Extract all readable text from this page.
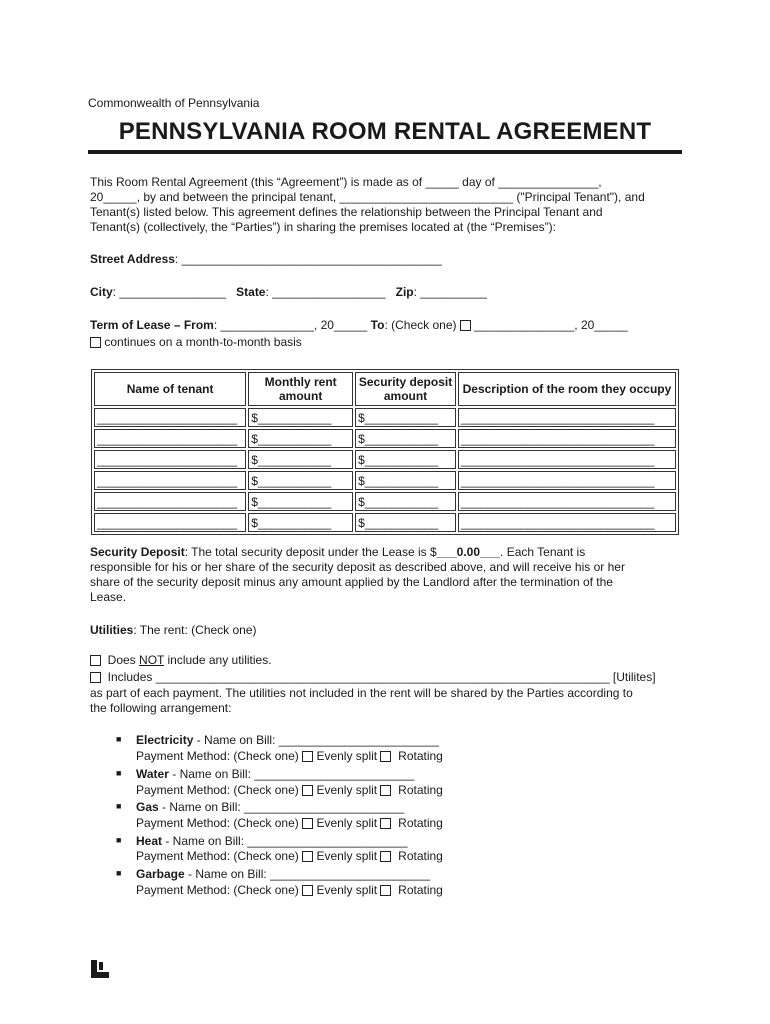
Commonwealth of Pennsylvania
PENNSYLVANIA ROOM RENTAL AGREEMENT
This Room Rental Agreement (this “Agreement”) is made as of _____ day of _______________,
20_____, by and between the principal tenant, __________________________ ("Principal Tenant"), and
Tenant(s) listed below. This agreement defines the relationship between the Principal Tenant and
Tenant(s) (collectively, the “Parties”) in sharing the premises located at (the “Premises”):
Street Address: _______________________________________
City: ________________ State: _________________ Zip: __________
Term of Lease – From: ______________, 20_____ To: (Check one) _______________, 20_____
continues on a month-to-month basis
Name of tenant	Monthly rent amount	Security deposit amount	Description of the room they occupy
_____________________	$___________	$___________	_____________________________
_____________________	$___________	$___________	_____________________________
_____________________	$___________	$___________	_____________________________
_____________________	$___________	$___________	_____________________________
_____________________	$___________	$___________	_____________________________
_____________________	$___________	$___________	_____________________________
Security Deposit: The total security deposit under the Lease is $___0.00___. Each Tenant is
responsible for his or her share of the security deposit as described above, and will receive his or her
share of the security deposit minus any amount applied by the Landlord after the termination of the
Lease.
Utilities: The rent: (Check one)
Does NOT include any utilities.
Includes ____________________________________________________________________ [Utilites]
as part of each payment. The utilities not included in the rent will be shared by the Parties according to
the following arrangement:
■ Electricity - Name on Bill: ________________________
Payment Method: (Check one) Evenly split Rotating
■ Water - Name on Bill: ________________________
Payment Method: (Check one) Evenly split Rotating
■ Gas - Name on Bill: ________________________
Payment Method: (Check one) Evenly split Rotating
■ Heat - Name on Bill: ________________________
Payment Method: (Check one) Evenly split Rotating
■ Garbage - Name on Bill: ________________________
Payment Method: (Check one) Evenly split Rotating
